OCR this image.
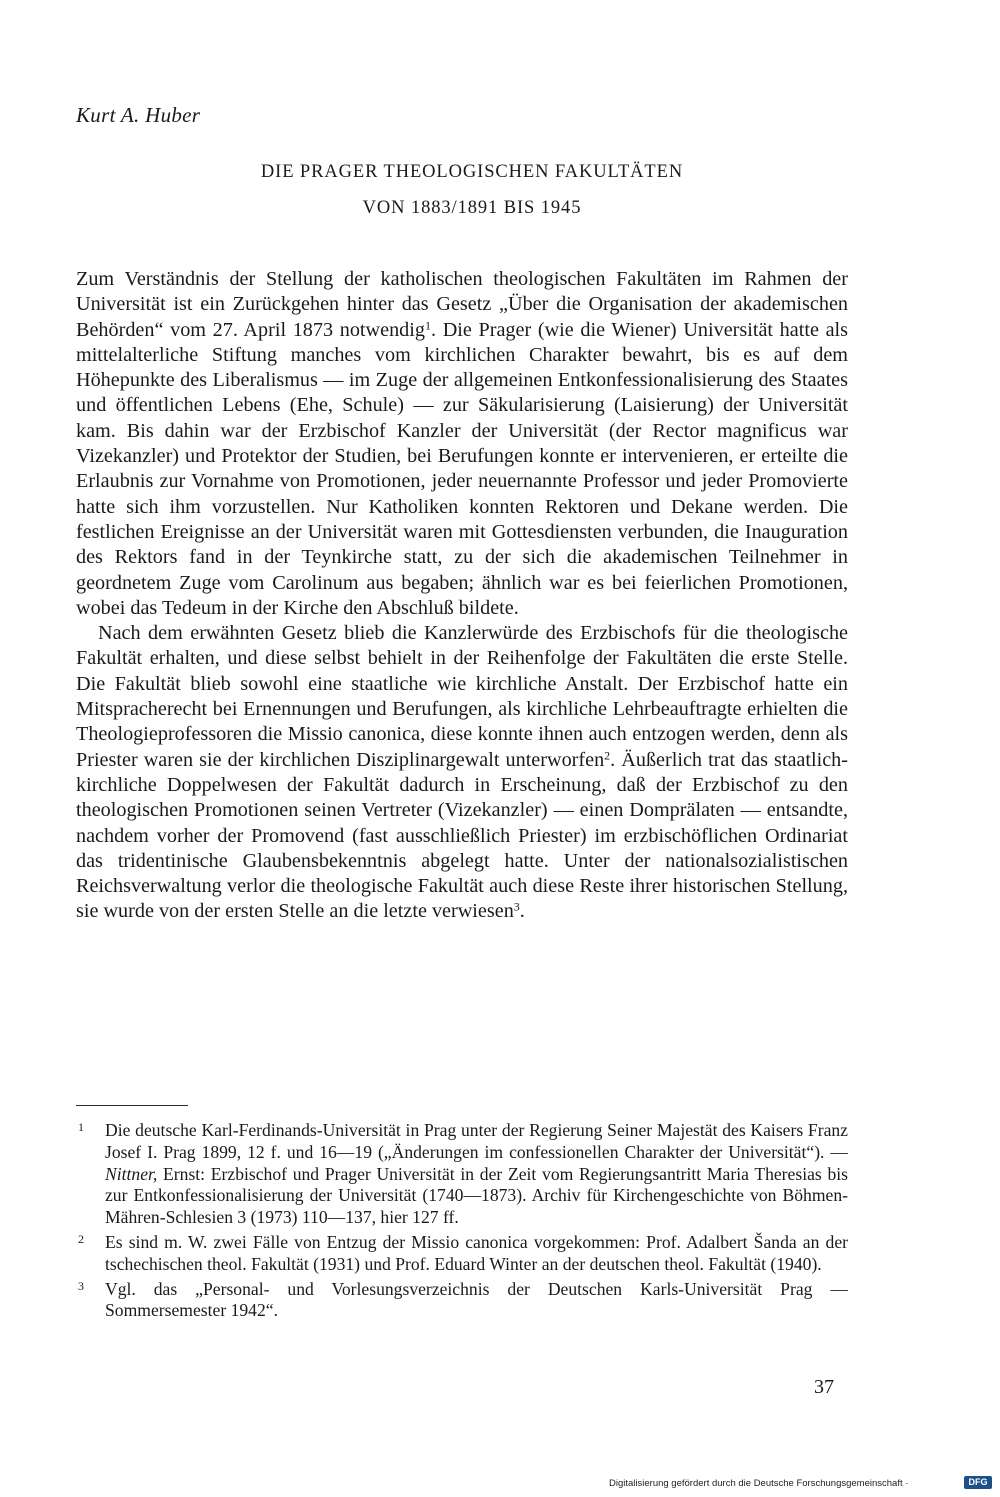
Kurt A. Huber
DIE PRAGER THEOLOGISCHEN FAKULTÄTEN
VON 1883/1891 BIS 1945

Zum Verständnis der Stellung der katholischen theologischen Fakultäten im Rahmen der Universität ist ein Zurückgehen hinter das Gesetz „Über die Organisation der akademischen Behörden“ vom 27. April 1873 notwendig$^1$. Die Prager (wie die Wiener) Universität hatte als mittelalterliche Stiftung manches vom kirchlichen Charakter bewahrt, bis es auf dem Höhepunkte des Liberalismus — im Zuge der allgemeinen Entkonfessionalisierung des Staates und öffentlichen Lebens (Ehe, Schule) — zur Säkularisierung (Laisierung) der Universität kam. Bis dahin war der Erzbischof Kanzler der Universität (der Rector magnificus war Vizekanzler) und Protektor der Studien, bei Berufungen konnte er intervenieren, er erteilte die Erlaubnis zur Vornahme von Promotionen, jeder neuernannte Professor und jeder Promovierte hatte sich ihm vorzustellen. Nur Katholiken konnten Rektoren und Dekane werden. Die festlichen Ereignisse an der Universität waren mit Gottesdiensten verbunden, die Inauguration des Rektors fand in der Teynkirche statt, zu der sich die akademischen Teilnehmer in geordnetem Zuge vom Carolinum aus begaben; ähnlich war es bei feierlichen Promotionen, wobei das Tedeum in der Kirche den Abschluß bildete.

Nach dem erwähnten Gesetz blieb die Kanzlerwürde des Erzbischofs für die theologische Fakultät erhalten, und diese selbst behielt in der Reihenfolge der Fakultäten die erste Stelle. Die Fakultät blieb sowohl eine staatliche wie kirchliche Anstalt. Der Erzbischof hatte ein Mitspracherecht bei Ernennungen und Berufungen, als kirchliche Lehrbeauftragte erhielten die Theologieprofessoren die Missio canonica, diese konnte ihnen auch entzogen werden, denn als Priester waren sie der kirchlichen Disziplinargewalt unterworfen$^2$. Äußerlich trat das staatlich-kirchliche Doppelwesen der Fakultät dadurch in Erscheinung, daß der Erzbischof zu den theologischen Promotionen seinen Vertreter (Vizekanzler) — einen Domprälaten — entsandte, nachdem vorher der Promovend (fast ausschließlich Priester) im erzbischöflichen Ordinariat das tridentinische Glaubensbekenntnis abgelegt hatte. Unter der nationalsozialistischen Reichsverwaltung verlor die theologische Fakultät auch diese Reste ihrer historischen Stellung, sie wurde von der ersten Stelle an die letzte verwiesen$^3$.

1 Die deutsche Karl-Ferdinands-Universität in Prag unter der Regierung Seiner Majestät des Kaisers Franz Josef I. Prag 1899, 12 f. und 16—19 („Änderungen im confessionellen Charakter der Universität“). — Nittner, Ernst: Erzbischof und Prager Universität in der Zeit vom Regierungsantritt Maria Theresias bis zur Entkonfessionalisierung der Universität (1740—1873). Archiv für Kirchengeschichte von Böhmen-Mähren-Schlesien 3 (1973) 110—137, hier 127 ff.
2 Es sind m. W. zwei Fälle von Entzug der Missio canonica vorgekommen: Prof. Adalbert Šanda an der tschechischen theol. Fakultät (1931) und Prof. Eduard Winter an der deutschen theol. Fakultät (1940).
3 Vgl. das „Personal- und Vorlesungsverzeichnis der Deutschen Karls-Universität Prag — Sommersemester 1942“.
37
Digitalisierung gefördert durch die Deutsche Forschungsgemeinschaft ·	DFG
